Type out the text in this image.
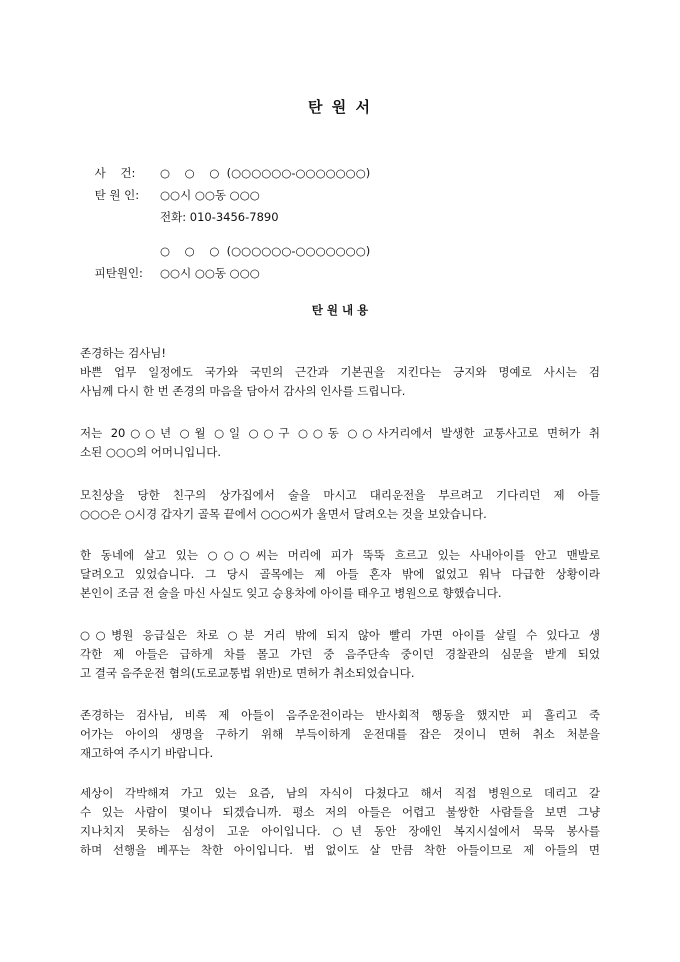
탄 원 서

사    건:

탄 원 인:

○    ○    ○  (○○○○○○-○○○○○○○)

○○시 ○○동 ○○○

전화: 010-3456-7890

피탄원인:

○    ○    ○  (○○○○○○-○○○○○○○)

○○시 ○○동 ○○○

탄 원 내 용
존경하는 검사님!
바쁜 업무 일정에도 국가와 국민의 근간과 기본권을 지킨다는 긍지와 명예로 사시는 검
사님께 다시 한 번 존경의 마음을 담아서 감사의 인사를 드립니다.
저는 20○○년 ○월 ○일 ○○구 ○○동 ○○사거리에서 발생한 교통사고로 면허가 취
소된 ○○○의 어머니입니다.
모친상을 당한 친구의 상가집에서 술을 마시고 대리운전을 부르려고 기다리던 제 아들
○○○은 ○시경 갑자기 골목 끝에서 ○○○씨가 울면서 달려오는 것을 보았습니다.
한 동네에 살고 있는 ○○○씨는 머리에 피가 뚝뚝 흐르고 있는 사내아이를 안고 맨발로
달려오고 있었습니다. 그 당시 골목에는 제 아들 혼자 밖에 없었고 워낙 다급한 상황이라
본인이 조금 전 술을 마신 사실도 잊고 승용차에 아이를 태우고 병원으로 향했습니다.
○○병원 응급실은 차로 ○분 거리 밖에 되지 않아 빨리 가면 아이를 살릴 수 있다고 생
각한 제 아들은 급하게 차를 몰고 가던 중 음주단속 중이던 경찰관의 심문을 받게 되었
고 결국 음주운전 혐의(도로교통법 위반)로 면허가 취소되었습니다.
존경하는 검사님, 비록 제 아들이 음주운전이라는 반사회적 행동을 했지만 피 흘리고 죽
어가는 아이의 생명을 구하기 위해 부득이하게 운전대를 잡은 것이니 면허 취소 처분을
재고하여 주시기 바랍니다.
세상이 각박해져 가고 있는 요즘, 남의 자식이 다쳤다고 해서 직접 병원으로 데리고 갈
수 있는 사람이 몇이나 되겠습니까. 평소 저의 아들은 어렵고 불쌍한 사람들을 보면 그냥
지나치지 못하는 심성이 고운 아이입니다. ○년 동안 장애인 복지시설에서 묵묵 봉사를
하며 선행을 베푸는 착한 아이입니다. 법 없이도 살 만큼 착한 아들이므로 제 아들의 면
